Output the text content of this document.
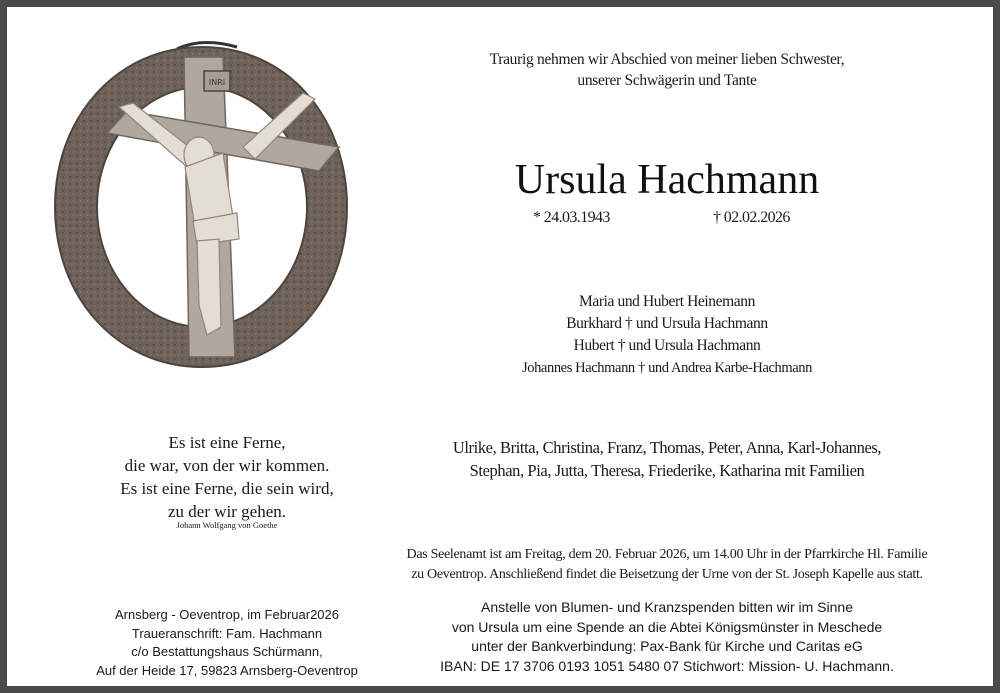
INRI
Traurig nehmen wir Abschied von meiner lieben Schwester,
unserer Schwägerin und Tante
Ursula Hachmann
* 24.03.1943	† 02.02.2026
Maria und Hubert Heinemann
Burkhard † und Ursula Hachmann
Hubert † und Ursula Hachmann
Johannes Hachmann † und Andrea Karbe-Hachmann
Ulrike, Britta, Christina, Franz, Thomas, Peter, Anna, Karl-Johannes,
Stephan, Pia, Jutta, Theresa, Friederike, Katharina mit Familien
Es ist eine Ferne,
die war, von der wir kommen.
Es ist eine Ferne, die sein wird,
zu der wir gehen.
Johann Wolfgang von Goethe
Das Seelenamt ist am Freitag, dem 20. Februar 2026, um 14.00 Uhr in der Pfarrkirche Hl. Familie
zu Oeventrop. Anschließend findet die Beisetzung der Urne von der St. Joseph Kapelle aus statt.
Anstelle von Blumen- und Kranzspenden bitten wir im Sinne
von Ursula um eine Spende an die Abtei Königsmünster in Meschede
unter der Bankverbindung: Pax-Bank für Kirche und Caritas eG
IBAN: DE 17 3706 0193 1051 5480 07 Stichwort: Mission- U. Hachmann.
Arnsberg - Oeventrop, im Februar2026
Traueranschrift: Fam. Hachmann
c/o Bestattungshaus Schürmann,
Auf der Heide 17, 59823 Arnsberg-Oeventrop
